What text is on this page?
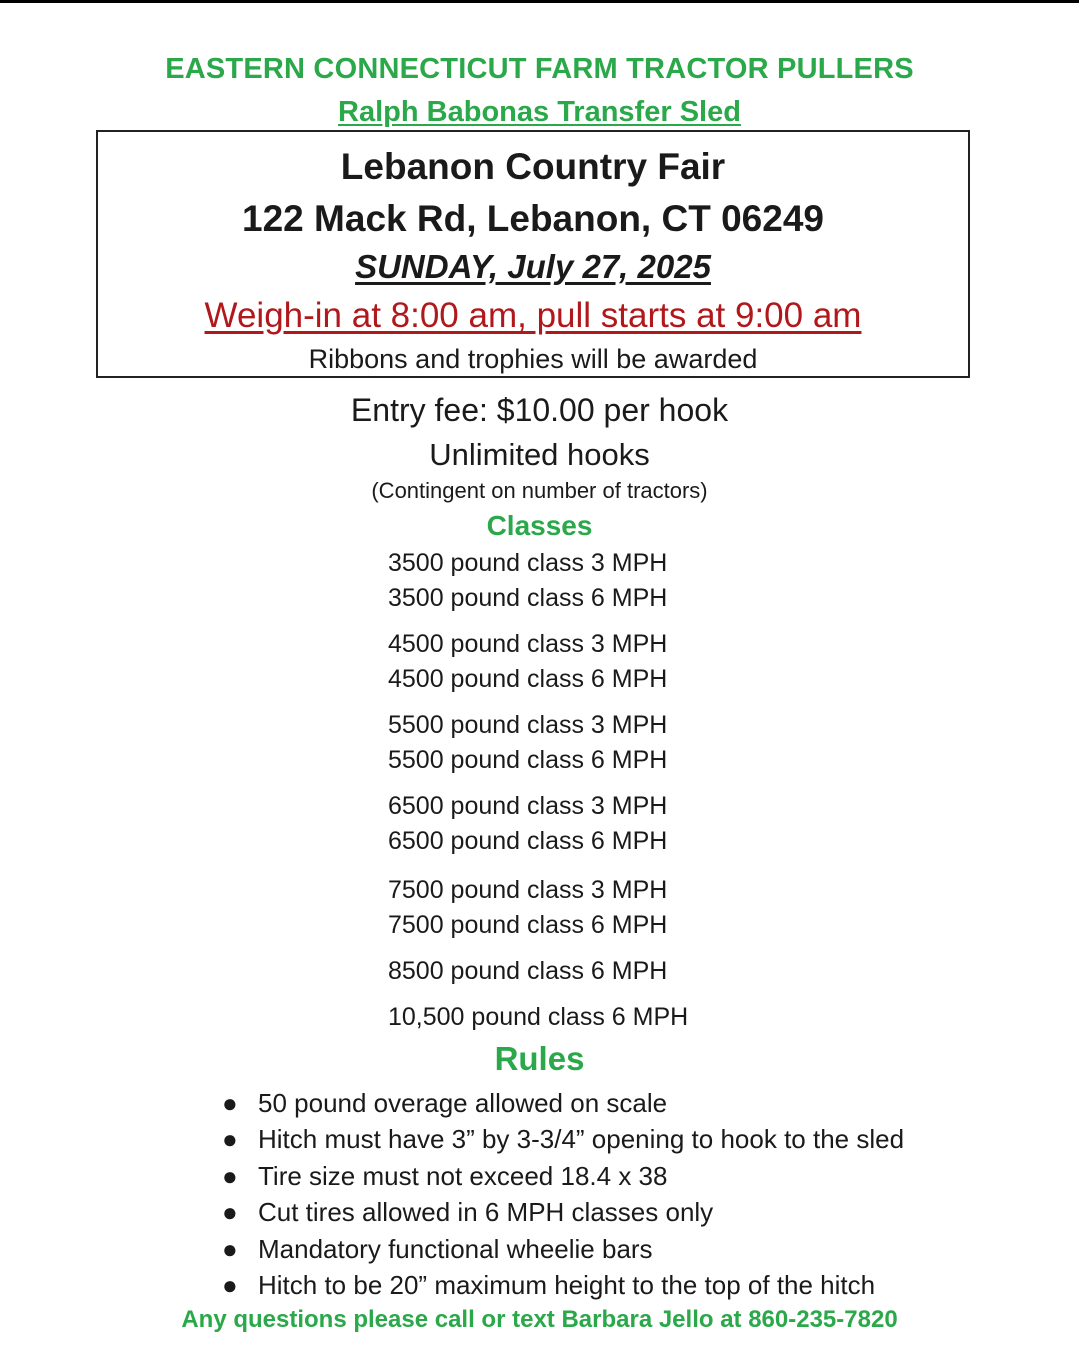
EASTERN CONNECTICUT FARM TRACTOR PULLERS
Ralph Babonas Transfer Sled
Lebanon Country Fair
122 Mack Rd, Lebanon, CT 06249
SUNDAY, July 27, 2025
Weigh-in at 8:00 am, pull starts at 9:00 am
Ribbons and trophies will be awarded
Entry fee: $10.00 per hook
Unlimited hooks
(Contingent on number of tractors)
Classes
3500 pound class 3 MPH
3500 pound class 6 MPH
4500 pound class 3 MPH
4500 pound class 6 MPH
5500 pound class 3 MPH
5500 pound class 6 MPH
6500 pound class 3 MPH
6500 pound class 6 MPH
7500 pound class 3 MPH
7500 pound class 6 MPH
8500 pound class 6 MPH
10,500 pound class 6 MPH
Rules
● 50 pound overage allowed on scale
● Hitch must have 3” by 3-3/4” opening to hook to the sled
● Tire size must not exceed 18.4 x 38
● Cut tires allowed in 6 MPH classes only
● Mandatory functional wheelie bars
● Hitch to be 20” maximum height to the top of the hitch
Any questions please call or text Barbara Jello at 860-235-7820
